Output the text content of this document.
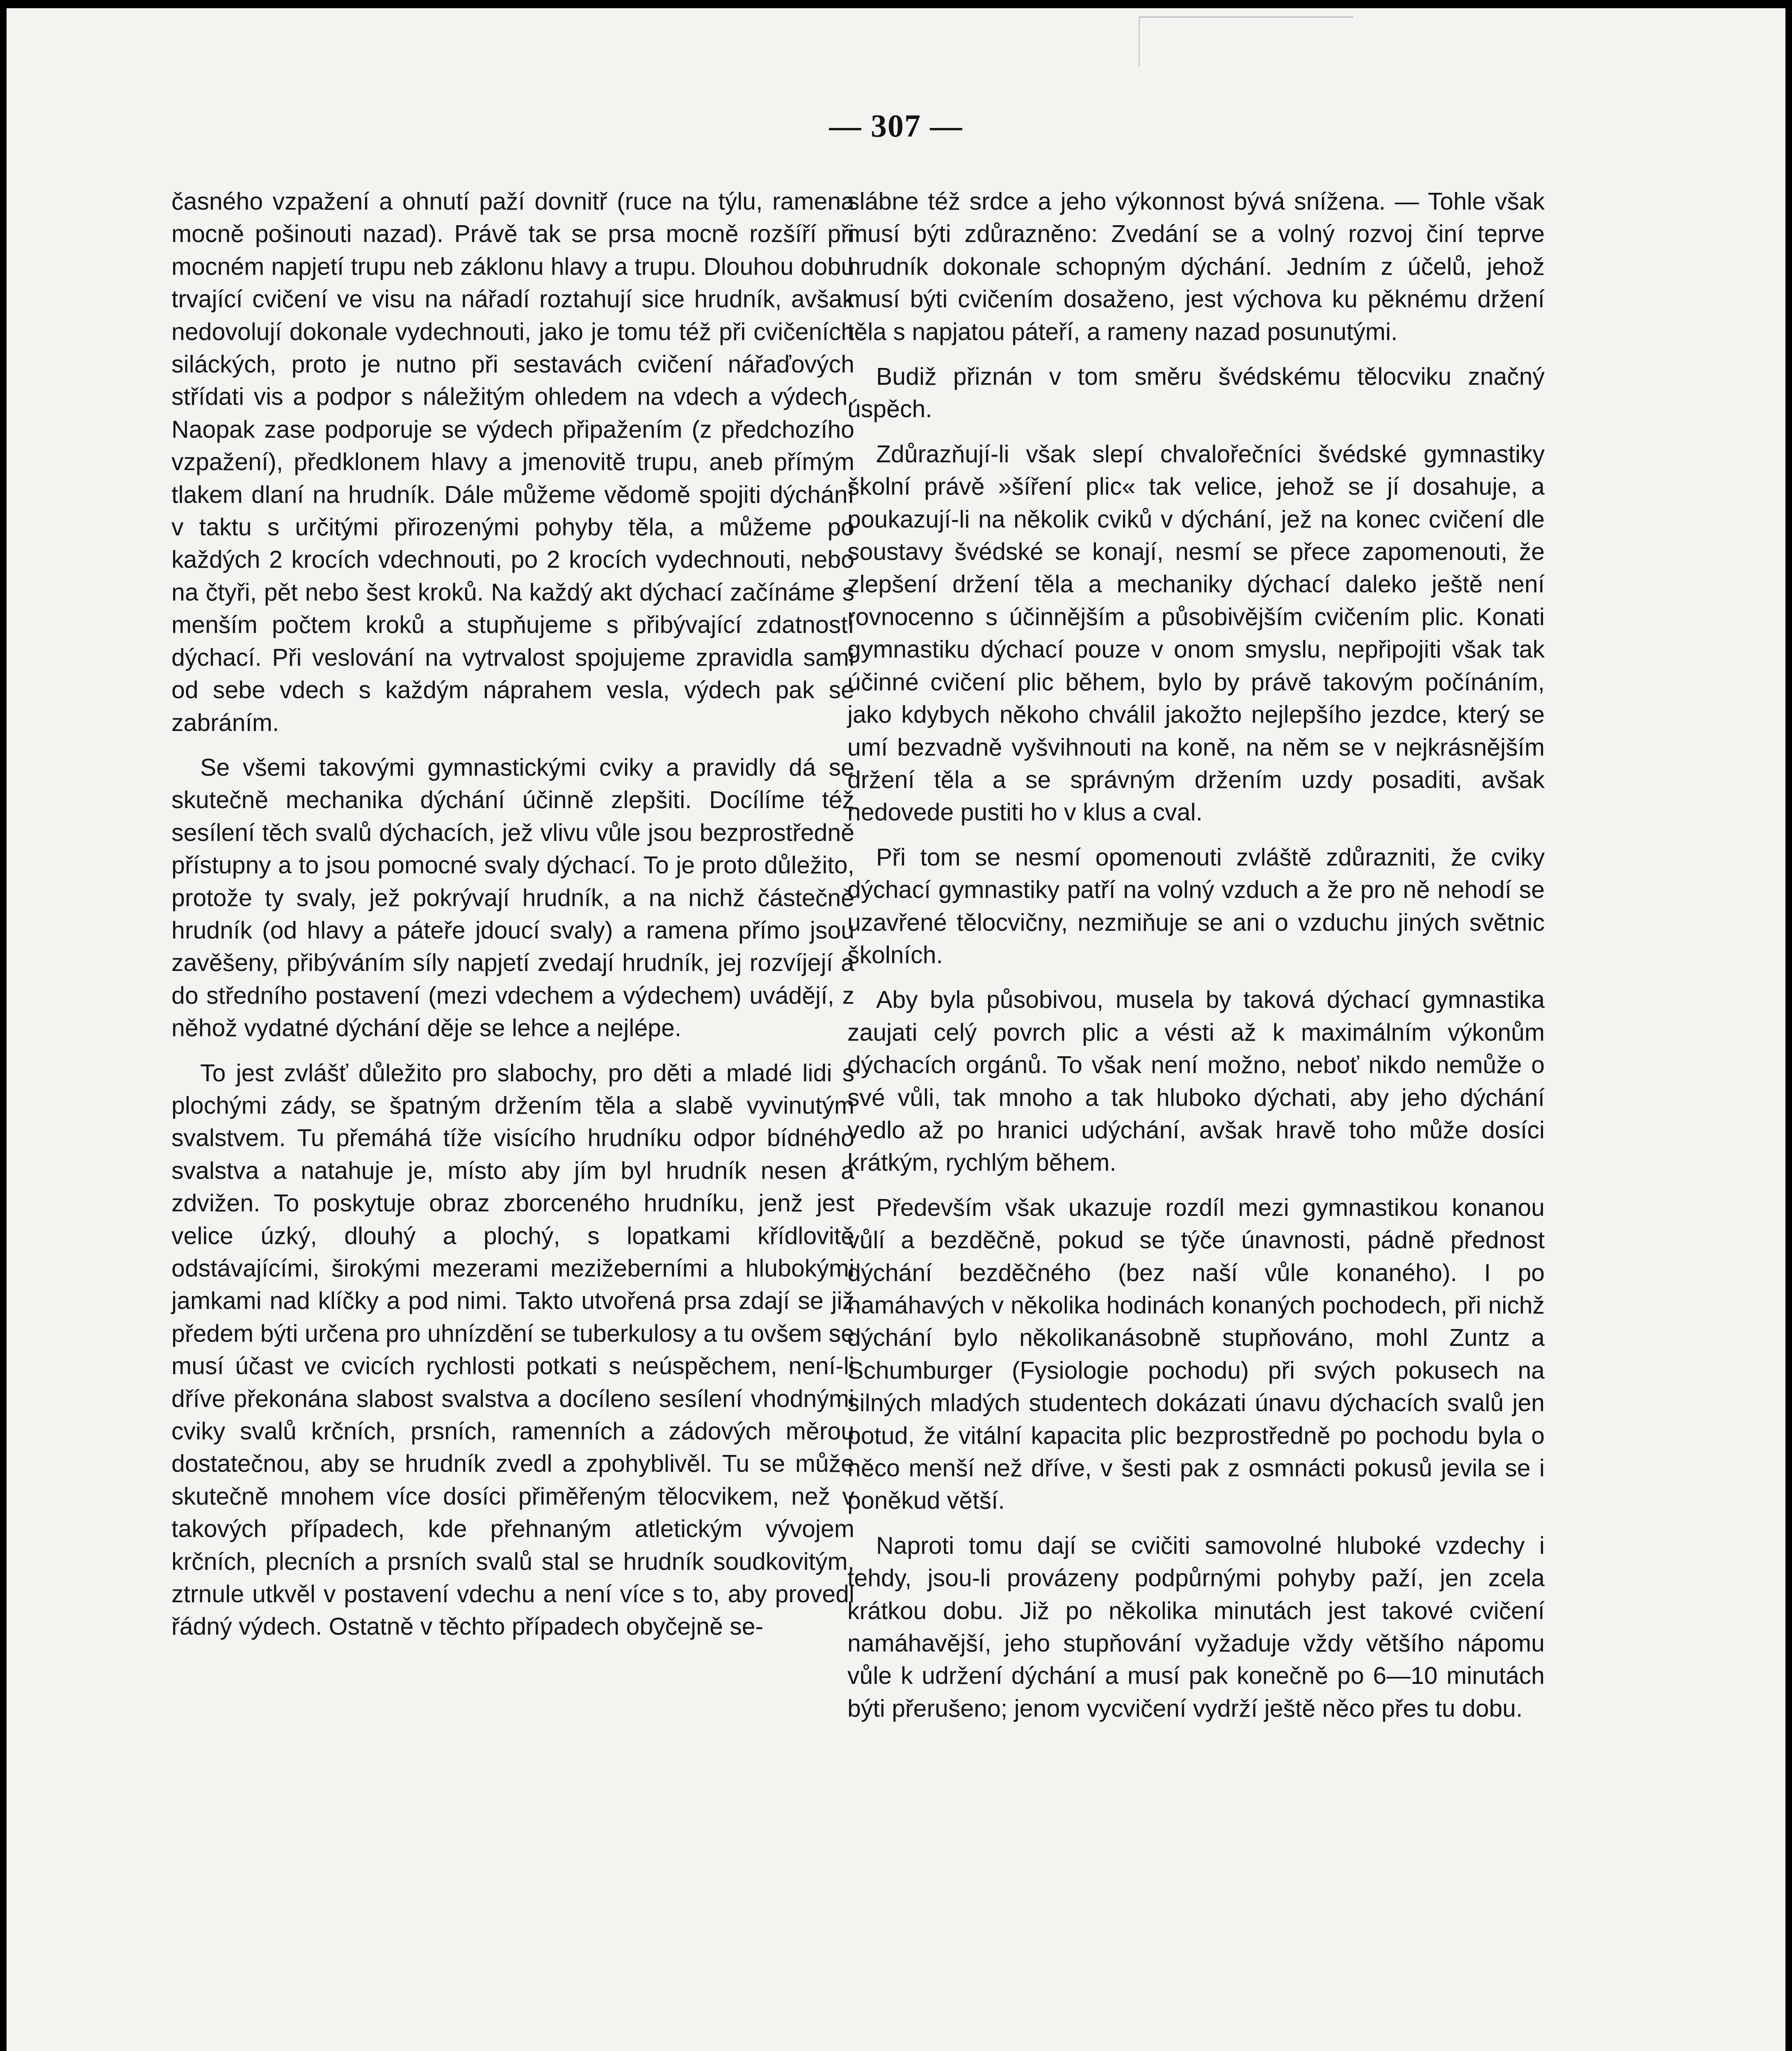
— 307 —

časného vzpažení a ohnutí paží dovnitř (ruce na týlu, ramena mocně pošinouti nazad). Právě tak se prsa mocně rozšíří při mocném napjetí trupu neb záklonu hlavy a trupu. Dlouhou dobu trvající cvičení ve visu na nářadí roztahují sice hrudník, avšak nedovolují dokonale vydechnouti, jako je tomu též při cvičeních siláckých, proto je nutno při sestavách cvičení nářaďových střídati vis a podpor s náležitým ohledem na vdech a výdech. Naopak zase podporuje se výdech připažením (z předchozího vzpažení), předklonem hlavy a jmenovitě trupu, aneb přímým tlakem dlaní na hrudník. Dále můžeme vědomě spojiti dýchání v taktu s určitými přirozenými pohyby těla, a můžeme po každých 2 krocích vdechnouti, po 2 krocích vydechnouti, nebo na čtyři, pět nebo šest kroků. Na každý akt dýchací začínáme s menším počtem kroků a stupňujeme s přibývající zdatností dýchací. Při veslování na vytrvalost spojujeme zpravidla sami od sebe vdech s každým náprahem vesla, výdech pak se zabráním.

Se všemi takovými gymnastickými cviky a pravidly dá se skutečně mechanika dýchání účinně zlepšiti. Docílíme též sesílení těch svalů dýchacích, jež vlivu vůle jsou bezprostředně přístupny a to jsou pomocné svaly dýchací. To je proto důležito, protože ty svaly, jež pokrývají hrudník, a na nichž částečně hrudník (od hlavy a páteře jdoucí svaly) a ramena přímo jsou zavěšeny, přibýváním síly napjetí zvedají hrudník, jej rozvíjejí a do středního postavení (mezi vdechem a výdechem) uvádějí, z něhož vydatné dýchání děje se lehce a nejlépe.

To jest zvlášť důležito pro slabochy, pro děti a mladé lidi s plochými zády, se špatným držením těla a slabě vyvinutým svalstvem. Tu přemáhá tíže visícího hrudníku odpor bídného svalstva a natahuje je, místo aby jím byl hrudník nesen a zdvižen. To poskytuje obraz zborceného hrudníku, jenž jest velice úzký, dlouhý a plochý, s lopatkami křídlovitě odstávajícími, širokými mezerami mezižeberními a hlubokými jamkami nad klíčky a pod nimi. Takto utvořená prsa zdají se již předem býti určena pro uhnízdění se tuberkulosy a tu ovšem se musí účast ve cvicích rychlosti potkati s neúspěchem, není-li dříve překonána slabost svalstva a docíleno sesílení vhodnými cviky svalů krčních, prsních, ramenních a zádových měrou dostatečnou, aby se hrudník zvedl a zpohyblivěl. Tu se může skutečně mnohem více dosíci přiměřeným tělocvikem, než v takových případech, kde přehnaným atletickým vývojem krčních, plecních a prsních svalů stal se hrudník soudkovitým, ztrnule utkvěl v postavení vdechu a není více s to, aby provedl řádný výdech. Ostatně v těchto případech obyčejně se-

slábne též srdce a jeho výkonnost bývá snížena. — Tohle však musí býti zdůrazněno: Zvedání se a volný rozvoj činí teprve hrudník dokonale schopným dýchání. Jedním z účelů, jehož musí býti cvičením dosaženo, jest výchova ku pěknému držení těla s napjatou páteří, a rameny nazad posunutými.

Budiž přiznán v tom směru švédskému tělocviku značný úspěch.

Zdůrazňují-li však slepí chvalořečníci švédské gymnastiky školní právě »šíření plic« tak velice, jehož se jí dosahuje, a poukazují-li na několik cviků v dýchání, jež na konec cvičení dle soustavy švédské se konají, nesmí se přece zapomenouti, že zlepšení držení těla a mechaniky dýchací daleko ještě není rovnocenno s účinnějším a působivějším cvičením plic. Konati gymnastiku dýchací pouze v onom smyslu, nepřipojiti však tak účinné cvičení plic během, bylo by právě takovým počínáním, jako kdybych někoho chválil jakožto nejlepšího jezdce, který se umí bezvadně vyšvihnouti na koně, na něm se v nejkrásnějším držení těla a se správným držením uzdy posaditi, avšak nedovede pustiti ho v klus a cval.

Při tom se nesmí opomenouti zvláště zdůrazniti, že cviky dýchací gymnastiky patří na volný vzduch a že pro ně nehodí se uzavřené tělocvičny, nezmiňuje se ani o vzduchu jiných světnic školních.

Aby byla působivou, musela by taková dýchací gymnastika zaujati celý povrch plic a vésti až k maximálním výkonům dýchacích orgánů. To však není možno, neboť nikdo nemůže o své vůli, tak mnoho a tak hluboko dýchati, aby jeho dýchání vedlo až po hranici udýchání, avšak hravě toho může dosíci krátkým, rychlým během.

Především však ukazuje rozdíl mezi gymnastikou konanou vůlí a bezděčně, pokud se týče únavnosti, pádně přednost dýchání bezděčného (bez naší vůle konaného). I po namáhavých v několika hodinách konaných pochodech, při nichž dýchání bylo několikanásobně stupňováno, mohl Zuntz a Schumburger (Fysiologie pochodu) při svých pokusech na silných mladých studentech dokázati únavu dýchacích svalů jen potud, že vitální kapacita plic bezprostředně po pochodu byla o něco menší než dříve, v šesti pak z osmnácti pokusů jevila se i poněkud větší.

Naproti tomu dají se cvičiti samovolné hluboké vzdechy i tehdy, jsou-li provázeny podpůrnými pohyby paží, jen zcela krátkou dobu. Již po několika minutách jest takové cvičení namáhavější, jeho stupňování vyžaduje vždy většího nápomu vůle k udržení dýchání a musí pak konečně po 6—10 minutách býti přerušeno; jenom vycvičení vydrží ještě něco přes tu dobu.
